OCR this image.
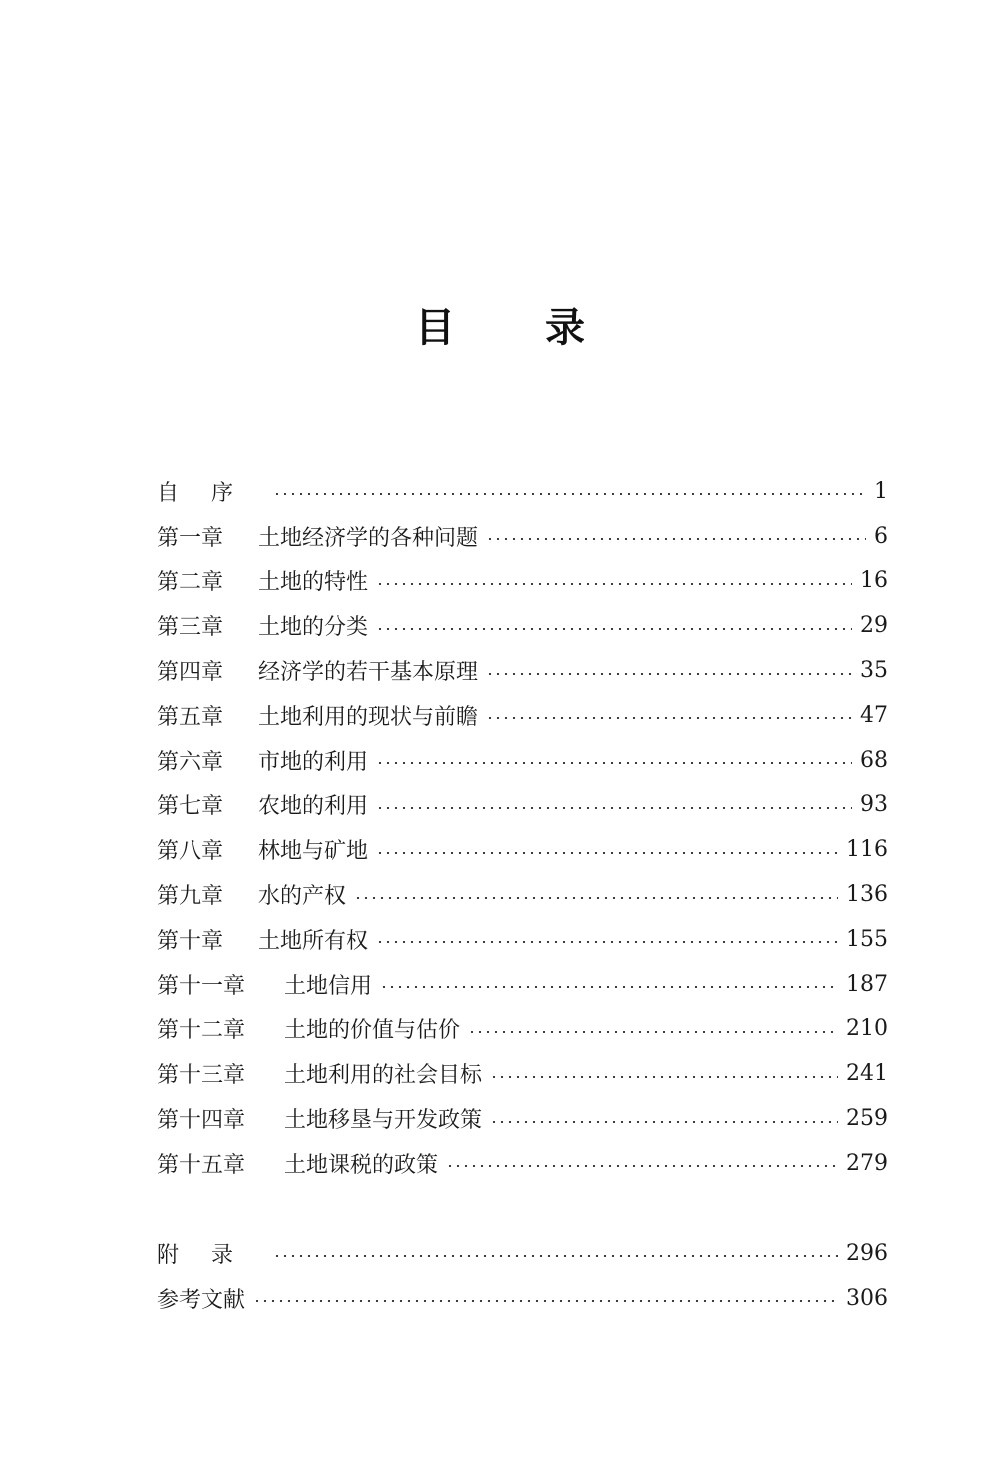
目 录
自序	1
第一章	土地经济学的各种问题	6
第二章	土地的特性	16
第三章	土地的分类	29
第四章	经济学的若干基本原理	35
第五章	土地利用的现状与前瞻	47
第六章	市地的利用	68
第七章	农地的利用	93
第八章	林地与矿地	116
第九章	水的产权	136
第十章	土地所有权	155
第十一章	土地信用	187
第十二章	土地的价值与估价	210
第十三章	土地利用的社会目标	241
第十四章	土地移垦与开发政策	259
第十五章	土地课税的政策	279
附录	296
参考文献	306
